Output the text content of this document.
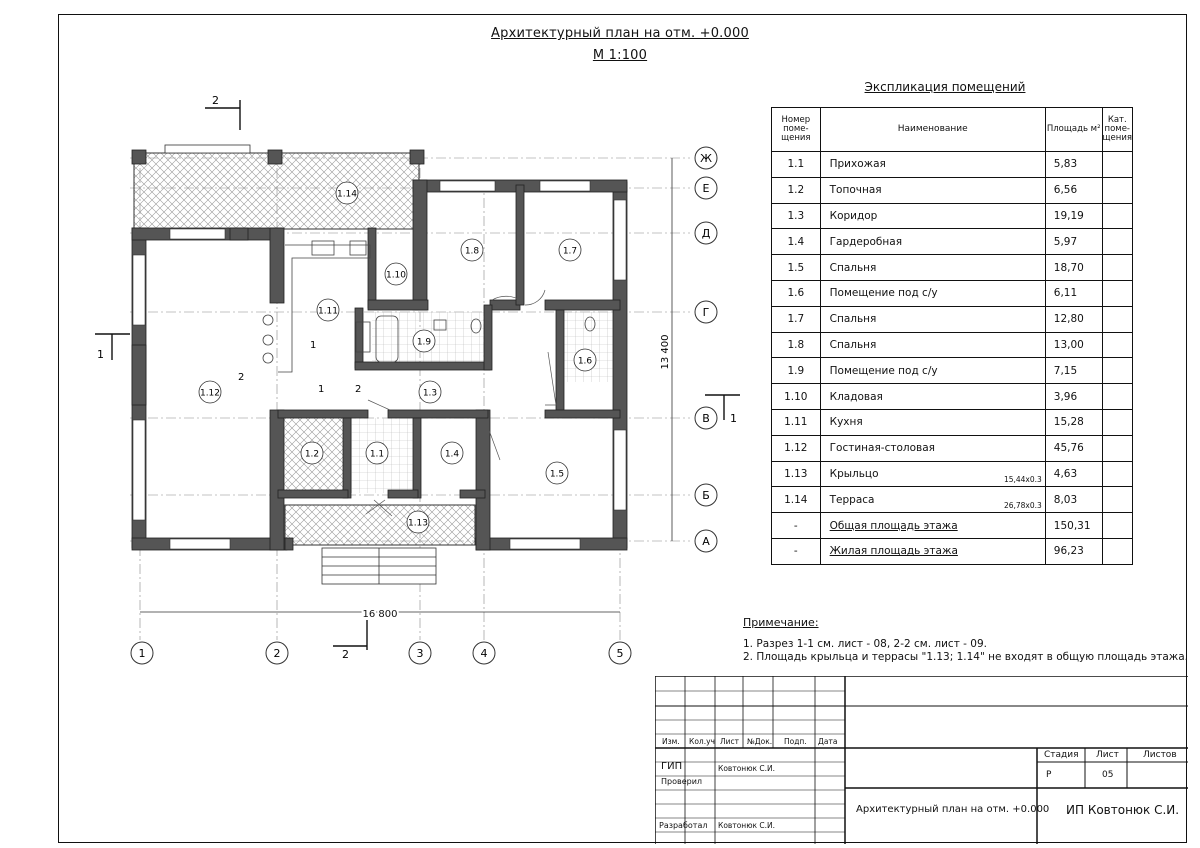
Архитектурный план на отм. +0.000
М 1:100
1
1
2
2
1
2
1	2
16 800
13 400
1.14
1.8	1.7
1.10
1.11
1.9
1.6
1.12	1.3
1.2	1.1	1.4
1.5
1.13
Ж
Е
Д
Г
В
Б
А
1	2	3	4	5
Экспликация помещений
Номер поме- щения	Наименование	Площадь м²	Кат. поме- щения
1.1	Прихожая	5,83	
1.2	Топочная	6,56	
1.3	Коридор	19,19	
1.4	Гардеробная	5,97	
1.5	Спальня	18,70	
1.6	Помещение под с/у	6,11	
1.7	Спальня	12,80	
1.8	Спальня	13,00	
1.9	Помещение под с/у	7,15	
1.10	Кладовая	3,96	
1.11	Кухня	15,28	
1.12	Гостиная-столовая	45,76	
1.13	Крыльцо 15,44х0.3	4,63	
1.14	Терраса 26,78х0.3	8,03	
-	Общая площадь этажа	150,31	
-	Жилая площадь этажа	96,23	
Примечание:
1. Разрез 1-1 см. лист - 08, 2-2 см. лист - 09.
2. Площадь крыльца и террасы "1.13; 1.14" не входят в общую площадь этажа.
Изм. Кол.уч Лист №Док. Подп. Дата
ГИП	Ковтонюк С.И.
Проверил
Разработал Ковтонюк С.И.
Стадия Лист	Листов
Р	05
Архитектурный план на отм. +0.000 ИП Ковтонюк С.И.
